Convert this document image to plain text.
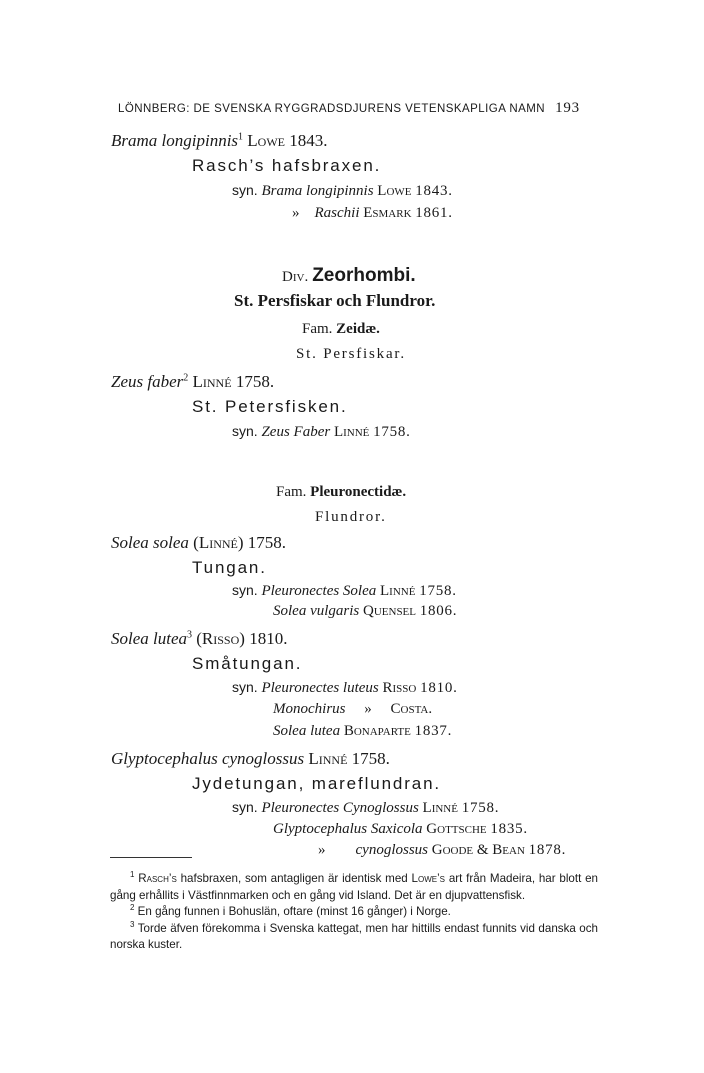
LÖNNBERG: DE SVENSKA RYGGRADSDJURENS VETENSKAPLIGA NAMN 193
Brama longipinnis$^1$ Lowe 1843.
Rasch’s hafsbraxen.
syn. Brama longipinnis Lowe 1843.
» Raschii Esmark 1861.
Div. Zeorhombi.
St. Persfiskar och Flundror.
Fam. Zeidæ.
St. Persfiskar.
Zeus faber$^2$ Linné 1758.
St. Petersfisken.
syn. Zeus Faber Linné 1758.
Fam. Pleuronectidæ.
Flundror.
Solea solea (Linné) 1758.
Tungan.
syn. Pleuronectes Solea Linné 1758.
Solea vulgaris Quensel 1806.
Solea lutea$^3$ (Risso) 1810.
Småtungan.
syn. Pleuronectes luteus Risso 1810.
Monochirus » Costa.
Solea lutea Bonaparte 1837.
Glyptocephalus cynoglossus Linné 1758.
Jydetungan, mareflundran.
syn. Pleuronectes Cynoglossus Linné 1758.
Glyptocephalus Saxicola Gottsche 1835.
» cynoglossus Goode & Bean 1878.

$^1$ Rasch’s hafsbraxen, som antagligen är identisk med Lowe’s art från Madeira, har blott en gång erhållits i Västfinnmarken och en gång vid Island. Det är en djupvattensfisk.

$^2$ En gång funnen i Bohuslän, oftare (minst 16 gånger) i Norge.

$^3$ Torde äfven förekomma i Svenska kattegat, men har hittills endast funnits vid danska och norska kuster.
